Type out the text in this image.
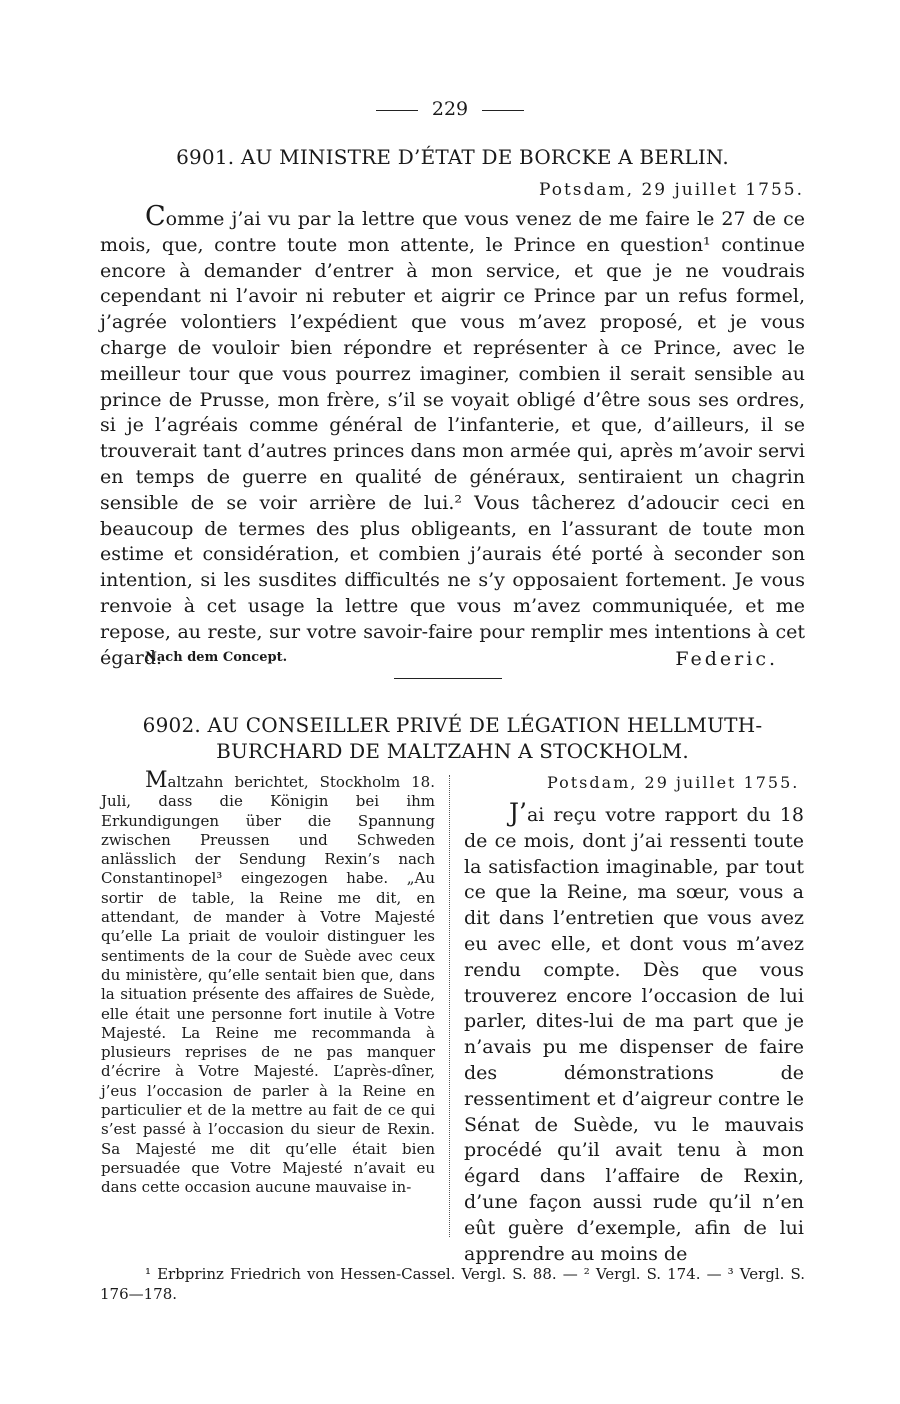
229
6901. AU MINISTRE D’ÉTAT DE BORCKE A BERLIN.
Potsdam, 29 juillet 1755.

Comme j’ai vu par la lettre que vous venez de me faire le 27 de ce mois, que, contre toute mon attente, le Prince en question¹ continue encore à demander d’entrer à mon service, et que je ne voudrais cependant ni l’avoir ni rebuter et aigrir ce Prince par un refus formel, j’agrée volontiers l’expédient que vous m’avez proposé, et je vous charge de vouloir bien répondre et représenter à ce Prince, avec le meilleur tour que vous pourrez imaginer, combien il serait sensible au prince de Prusse, mon frère, s’il se voyait obligé d’être sous ses ordres, si je l’agréais comme général de l’infanterie, et que, d’ailleurs, il se trouverait tant d’autres princes dans mon armée qui, après m’avoir servi en temps de guerre en qualité de généraux, sentiraient un chagrin sensible de se voir arrière de lui.² Vous tâcherez d’adoucir ceci en beaucoup de termes des plus obligeants, en l’assurant de toute mon estime et considération, et combien j’aurais été porté à seconder son intention, si les susdites difficultés ne s’y opposaient fortement. Je vous renvoie à cet usage la lettre que vous m’avez communiquée, et me repose, au reste, sur votre savoir-faire pour remplir mes intentions à cet égard.

Nach dem Concept.	Federic.
6902. AU CONSEILLER PRIVÉ DE LÉGATION HELLMUTH-BURCHARD DE MALTZAHN A STOCKHOLM.

Maltzahn berichtet, Stockholm 18. Juli, dass die Königin bei ihm Erkundigungen über die Spannung zwischen Preussen und Schweden anlässlich der Sendung Rexin’s nach Constantinopel³ eingezogen habe. „Au sortir de table, la Reine me dit, en attendant, de mander à Votre Majesté qu’elle La priait de vouloir distinguer les sentiments de la cour de Suède avec ceux du ministère, qu’elle sentait bien que, dans la situation présente des affaires de Suède, elle était une personne fort inutile à Votre Majesté. La Reine me recommanda à plusieurs reprises de ne pas manquer d’écrire à Votre Majesté. L’après-dîner, j’eus l’occasion de parler à la Reine en particulier et de la mettre au fait de ce qui s’est passé à l’occasion du sieur de Rexin. Sa Majesté me dit qu’elle était bien persuadée que Votre Majesté n’avait eu dans cette occasion aucune mauvaise in-

Potsdam, 29 juillet 1755.

J’ai reçu votre rapport du 18 de ce mois, dont j’ai ressenti toute la satisfaction imaginable, par tout ce que la Reine, ma sœur, vous a dit dans l’entretien que vous avez eu avec elle, et dont vous m’avez rendu compte. Dès que vous trouverez encore l’occasion de lui parler, dites-lui de ma part que je n’avais pu me dispenser de faire des démonstrations de ressentiment et d’aigreur contre le Sénat de Suède, vu le mauvais procédé qu’il avait tenu à mon égard dans l’affaire de Rexin, d’une façon aussi rude qu’il n’en eût guère d’exemple, afin de lui apprendre au moins de

¹ Erbprinz Friedrich von Hessen-Cassel. Vergl. S. 88. — ² Vergl. S. 174. — ³ Vergl. S. 176—178.
